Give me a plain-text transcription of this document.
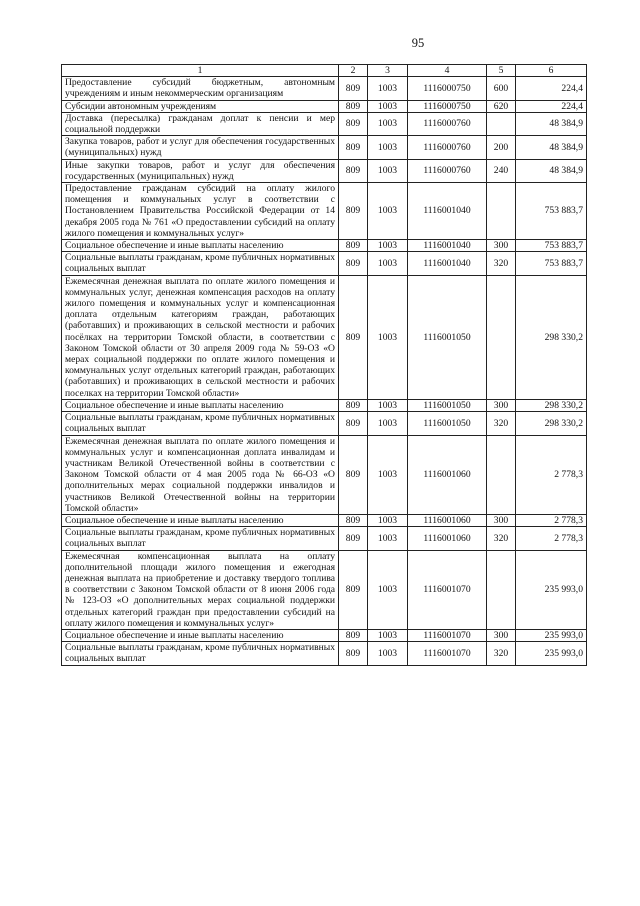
95
1	2	3	4	5	6
Предоставление субсидий бюджетным, автономным учреждениям и иным некоммерческим организациям	809	1003	1116000750	600	224,4
Субсидии автономным учреждениям	809	1003	1116000750	620	224,4
Доставка (пересылка) гражданам доплат к пенсии и мер социальной поддержки	809	1003	1116000760		48 384,9
Закупка товаров, работ и услуг для обеспечения государственных (муниципальных) нужд	809	1003	1116000760	200	48 384,9
Иные закупки товаров, работ и услуг для обеспечения государственных (муниципальных) нужд	809	1003	1116000760	240	48 384,9
Предоставление гражданам субсидий на оплату жилого помещения и коммунальных услуг в соответствии с Постановлением Правительства Российской Федерации от 14 декабря 2005 года № 761 «О предоставлении субсидий на оплату жилого помещения и коммунальных услуг»	809	1003	1116001040		753 883,7
Социальное обеспечение и иные выплаты населению	809	1003	1116001040	300	753 883,7
Социальные выплаты гражданам, кроме публичных нормативных социальных выплат	809	1003	1116001040	320	753 883,7
Ежемесячная денежная выплата по оплате жилого помещения и коммунальных услуг, денежная компенсация расходов на оплату жилого помещения и коммунальных услуг и компенсационная доплата отдельным категориям граждан, работающих (работавших) и проживающих в сельской местности и рабочих посёлках на территории Томской области, в соответствии с Законом Томской области от 30 апреля 2009 года № 59-ОЗ «О мерах социальной поддержки по оплате жилого помещения и коммунальных услуг отдельных категорий граждан, работающих (работавших) и проживающих в сельской местности и рабочих поселках на территории Томской области»	809	1003	1116001050		298 330,2
Социальное обеспечение и иные выплаты населению	809	1003	1116001050	300	298 330,2
Социальные выплаты гражданам, кроме публичных нормативных социальных выплат	809	1003	1116001050	320	298 330,2
Ежемесячная денежная выплата по оплате жилого помещения и коммунальных услуг и компенсационная доплата инвалидам и участникам Великой Отечественной войны в соответствии с Законом Томской области от 4 мая 2005 года № 66-ОЗ «О дополнительных мерах социальной поддержки инвалидов и участников Великой Отечественной войны на территории Томской области»	809	1003	1116001060		2 778,3
Социальное обеспечение и иные выплаты населению	809	1003	1116001060	300	2 778,3
Социальные выплаты гражданам, кроме публичных нормативных социальных выплат	809	1003	1116001060	320	2 778,3
Ежемесячная компенсационная выплата на оплату дополнительной площади жилого помещения и ежегодная денежная выплата на приобретение и доставку твердого топлива в соответствии с Законом Томской области от 8 июня 2006 года № 123-ОЗ «О дополнительных мерах социальной поддержки отдельных категорий граждан при предоставлении субсидий на оплату жилого помещения и коммунальных услуг»	809	1003	1116001070		235 993,0
Социальное обеспечение и иные выплаты населению	809	1003	1116001070	300	235 993,0
Социальные выплаты гражданам, кроме публичных нормативных социальных выплат	809	1003	1116001070	320	235 993,0
